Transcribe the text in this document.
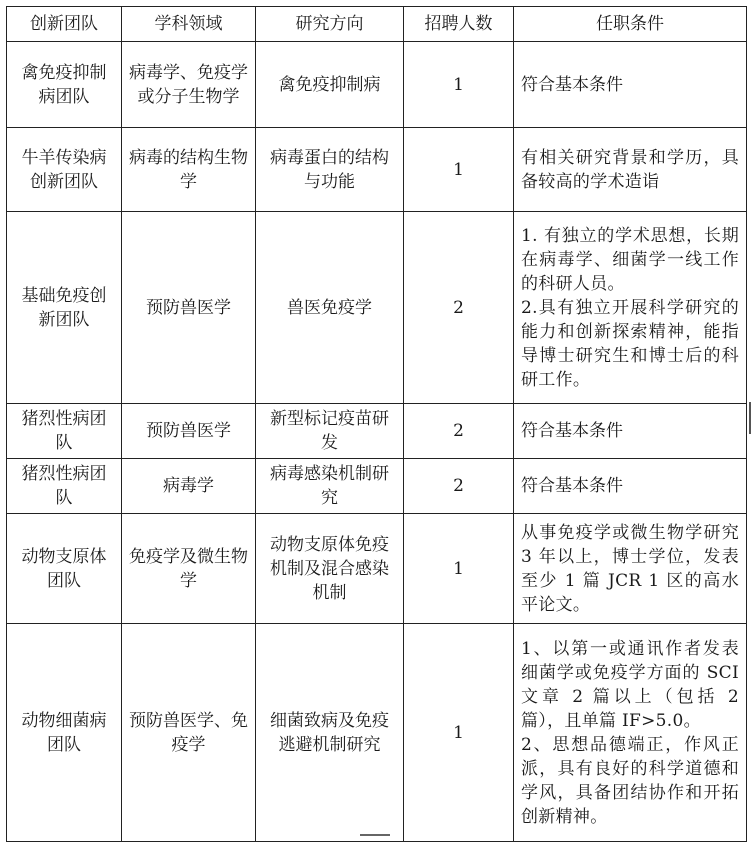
创新团队	学科领域	研究方向	招聘人数	任职条件
禽免疫抑制病团队	病毒学、免疫学或分子生物学	禽免疫抑制病	1	符合基本条件

牛羊传染病创新团队	病毒的结构生物学	病毒蛋白的结构与功能	1	有相关研究背景和学历，具备较高的学术造诣

基础免疫创新团队	预防兽医学	兽医免疫学	2	1. 有独立的学术思想，长期在病毒学、细菌学一线工作的科研人员。
2.具有独立开展科学研究的能力和创新探索精神，能指导博士研究生和博士后的科研工作。

猪烈性病团队	预防兽医学	新型标记疫苗研发	2	符合基本条件

猪烈性病团队	病毒学	病毒感染机制研究	2	符合基本条件

动物支原体团队	免疫学及微生物学	动物支原体免疫机制及混合感染机制	1	从事免疫学或微生物学研究 3 年以上，博士学位，发表至少 1 篇 JCR 1 区的高水平论文。

动物细菌病团队	预防兽医学、免疫学	细菌致病及免疫逃避机制研究	1	1、以第一或通讯作者发表细菌学或免疫学方面的 SCI 文章 2 篇以上（包括 2 篇），且单篇 IF>5.0。
2、思想品德端正，作风正派，具有良好的科学道德和学风，具备团结协作和开拓创新精神。
